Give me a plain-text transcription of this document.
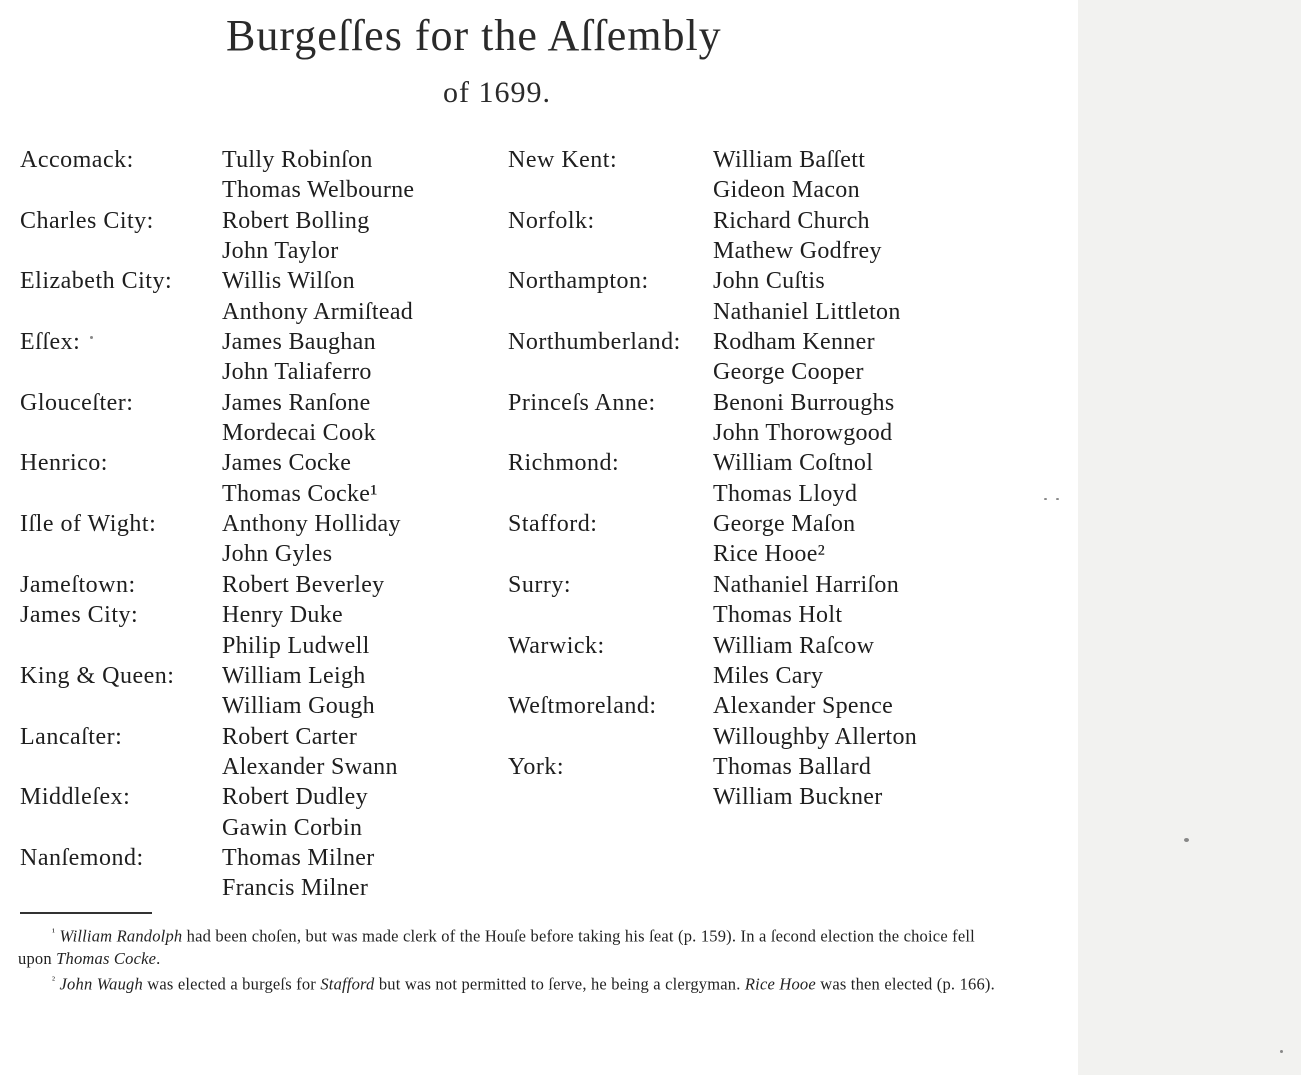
Burgeſſes for the Aſſembly
of 1699.
Accomack:	Tully Robinſon
Thomas Welbourne
Charles City:	Robert Bolling
John Taylor
Elizabeth City:	Willis Wilſon
Anthony Armiſtead
Eſſex:	James Baughan
John Taliaferro
Glouceſter:	James Ranſone
Mordecai Cook
Henrico:	James Cocke
Thomas Cocke¹
Iſle of Wight:	Anthony Holliday
John Gyles
Jameſtown:	Robert Beverley
James City:	Henry Duke
Philip Ludwell
King & Queen:	William Leigh
William Gough
Lancaſter:	Robert Carter
Alexander Swann
Middleſex:	Robert Dudley
Gawin Corbin
Nanſemond:	Thomas Milner
Francis Milner
New Kent:	William Baſſett
Gideon Macon
Norfolk:	Richard Church
Mathew Godfrey
Northampton:	John Cuſtis
Nathaniel Littleton
Northumberland:	Rodham Kenner
George Cooper
Princeſs Anne:	Benoni Burroughs
John Thorowgood
Richmond:	William Coſtnol
Thomas Lloyd
Stafford:	George Maſon
Rice Hooe²
Surry:	Nathaniel Harriſon
Thomas Holt
Warwick:	William Raſcow
Miles Cary
Weſtmoreland:	Alexander Spence
Willoughby Allerton
York:	Thomas Ballard
William Buckner
$^{^1}$ William Randolph had been choſen, but was made clerk of the Houſe before taking his ſeat (p. 159). In a ſecond election the choice fell upon Thomas Cocke.
$^{^2}$ John Waugh was elected a burgeſs for Stafford but was not permitted to ſerve, he being a clergyman. Rice Hooe was then elected (p. 166).
